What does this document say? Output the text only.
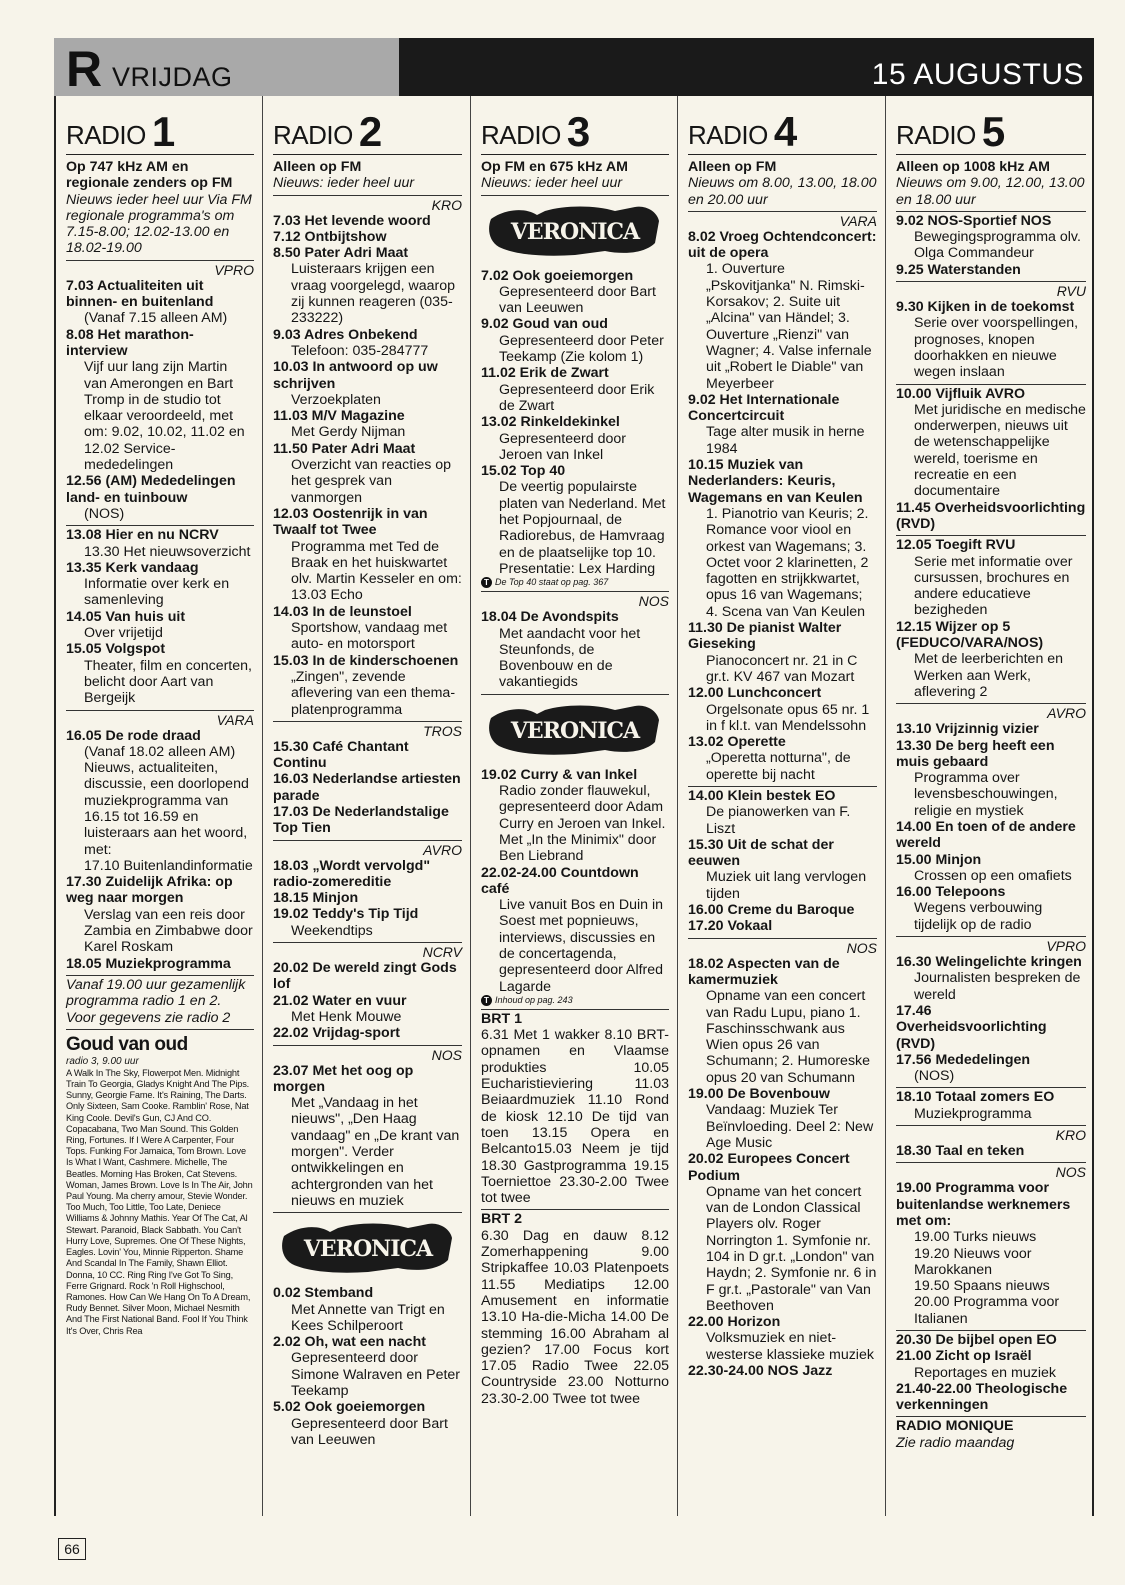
R VRIJDAG	15 AUGUSTUS
RADIO 1
Op 747 kHz AM en regionale zenders op FM
Nieuws ieder heel uur Via FM regionale programma's om 7.15-8.00; 12.02-13.00 en 18.02-19.00
VPRO
7.03 Actualiteiten uit binnen- en buitenland
(Vanaf 7.15 alleen AM)
8.08 Het marathon-interview
Vijf uur lang zijn Martin van Amerongen en Bart Tromp in de studio tot elkaar veroordeeld, met om: 9.02, 10.02, 11.02 en 12.02 Service-mededelingen
12.56 (AM) Mededelingen land- en tuinbouw
(NOS)
13.08 Hier en nu NCRV
13.30 Het nieuwsoverzicht
13.35 Kerk vandaag
Informatie over kerk en samenleving
14.05 Van huis uit
Over vrijetijd
15.05 Volgspot
Theater, film en concerten, belicht door Aart van Bergeijk
VARA
16.05 De rode draad
(Vanaf 18.02 alleen AM) Nieuws, actualiteiten, discussie, een doorlopend muziekprogramma van 16.15 tot 16.59 en luisteraars aan het woord, met:
17.10 Buitenlandinformatie
17.30 Zuidelijk Afrika: op weg naar morgen
Verslag van een reis door Zambia en Zimbabwe door Karel Roskam
18.05 Muziekprogramma
Vanaf 19.00 uur gezamenlijk programma radio 1 en 2. Voor gegevens zie radio 2
Goud van oud
radio 3, 9.00 uur
A Walk In The Sky, Flowerpot Men. Midnight Train To Georgia, Gladys Knight And The Pips. Sunny, Georgie Fame. It's Raining, The Darts. Only Sixteen, Sam Cooke. Ramblin' Rose, Nat King Coole. Devil's Gun, CJ And CO. Copacabana, Two Man Sound. This Golden Ring, Fortunes. If I Were A Carpenter, Four Tops. Funking For Jamaica, Tom Brown. Love Is What I Want, Cashmere. Michelle, The Beatles. Morning Has Broken, Cat Stevens. Woman, James Brown. Love Is In The Air, John Paul Young. Ma cherry amour, Stevie Wonder. Too Much, Too Little, Too Late, Deniece Williams & Johnny Mathis. Year Of The Cat, Al Stewart. Paranoid, Black Sabbath. You Can't Hurry Love, Supremes. One Of These Nights, Eagles. Lovin' You, Minnie Ripperton. Shame And Scandal In The Family, Shawn Elliot. Donna, 10 CC. Ring Ring I've Got To Sing, Ferre Grignard. Rock 'n Roll Highschool, Ramones. How Can We Hang On To A Dream, Rudy Bennet. Silver Moon, Michael Nesmith And The First National Band. Fool If You Think It's Over, Chris Rea
RADIO 2
Alleen op FM
Nieuws: ieder heel uur
KRO
7.03 Het levende woord
7.12 Ontbijtshow
8.50 Pater Adri Maat
Luisteraars krijgen een vraag voorgelegd, waarop zij kunnen reageren (035-233222)
9.03 Adres Onbekend
Telefoon: 035-284777
10.03 In antwoord op uw schrijven
Verzoekplaten
11.03 M/V Magazine
Met Gerdy Nijman
11.50 Pater Adri Maat
Overzicht van reacties op het gesprek van vanmorgen
12.03 Oostenrijk in van Twaalf tot Twee
Programma met Ted de Braak en het huiskwartet olv. Martin Kesseler en om:
13.03 Echo
14.03 In de leunstoel
Sportshow, vandaag met auto- en motorsport
15.03 In de kinderschoenen
„Zingen", zevende aflevering van een thema-platenprogramma
TROS
15.30 Café Chantant Continu
16.03 Nederlandse artiesten parade
17.03 De Nederlandstalige Top Tien
AVRO
18.03 „Wordt vervolgd" radio-zomereditie
18.15 Minjon
19.02 Teddy's Tip Tijd
Weekendtips
NCRV
20.02 De wereld zingt Gods lof
21.02 Water en vuur
Met Henk Mouwe
22.02 Vrijdag-sport
NOS
23.07 Met het oog op morgen
Met „Vandaag in het nieuws", „Den Haag vandaag" en „De krant van morgen". Verder ontwikkelingen en achtergronden van het nieuws en muziek
VERONICA
0.02 Stemband
Met Annette van Trigt en Kees Schilperoort
2.02 Oh, wat een nacht
Gepresenteerd door Simone Walraven en Peter Teekamp
5.02 Ook goeiemorgen
Gepresenteerd door Bart van Leeuwen
RADIO 3
Op FM en 675 kHz AM
Nieuws: ieder heel uur
VERONICA
7.02 Ook goeiemorgen
Gepresenteerd door Bart van Leeuwen
9.02 Goud van oud
Gepresenteerd door Peter Teekamp (Zie kolom 1)
11.02 Erik de Zwart
Gepresenteerd door Erik de Zwart
13.02 Rinkeldekinkel
Gepresenteerd door Jeroen van Inkel
15.02 Top 40
De veertig populairste platen van Nederland. Met het Popjournaal, de Radiorebus, de Hamvraag en de plaatselijke top 10. Presentatie: Lex Harding
T De Top 40 staat op pag. 367
NOS
18.04 De Avondspits
Met aandacht voor het Steunfonds, de Bovenbouw en de vakantiegids
VERONICA
19.02 Curry & van Inkel
Radio zonder flauwekul, gepresenteerd door Adam Curry en Jeroen van Inkel. Met „In the Minimix" door Ben Liebrand
22.02-24.00 Countdown café
Live vanuit Bos en Duin in Soest met popnieuws, interviews, discussies en de concertagenda, gepresenteerd door Alfred Lagarde
T Inhoud op pag. 243
BRT 1
6.31 Met 1 wakker 8.10 BRT-opnamen en Vlaamse produkties 10.05 Eucharistieviering 11.03 Beiaardmuziek 11.10 Rond de kiosk 12.10 De tijd van toen 13.15 Opera en Belcanto15.03 Neem je tijd 18.30 Gastprogramma 19.15 Toerniettoe 23.30-2.00 Twee tot twee
BRT 2
6.30 Dag en dauw 8.12 Zomerhappening 9.00 Stripkaffee 10.03 Platenpoets 11.55 Mediatips 12.00 Amusement en informatie 13.10 Ha-die-Micha 14.00 De stemming 16.00 Abraham al gezien? 17.00 Focus kort 17.05 Radio Twee 22.05 Countryside 23.00 Notturno 23.30-2.00 Twee tot twee
RADIO 4
Alleen op FM
Nieuws om 8.00, 13.00, 18.00 en 20.00 uur
VARA
8.02 Vroeg Ochtendconcert: uit de opera
1. Ouverture „Pskovitjanka" N. Rimski-Korsakov; 2. Suite uit „Alcina" van Händel; 3. Ouverture „Rienzi" van Wagner; 4. Valse infernale uit „Robert le Diable" van Meyerbeer
9.02 Het Internationale Concertcircuit
Tage alter musik in herne 1984
10.15 Muziek van Nederlanders: Keuris, Wagemans en van Keulen
1. Pianotrio van Keuris; 2. Romance voor viool en orkest van Wagemans; 3. Octet voor 2 klarinetten, 2 fagotten en strijkkwartet, opus 16 van Wagemans; 4. Scena van Van Keulen
11.30 De pianist Walter Gieseking
Pianoconcert nr. 21 in C gr.t. KV 467 van Mozart
12.00 Lunchconcert
Orgelsonate opus 65 nr. 1 in f kl.t. van Mendelssohn
13.02 Operette
„Operetta notturna", de operette bij nacht
14.00 Klein bestek EO
De pianowerken van F. Liszt
15.30 Uit de schat der eeuwen
Muziek uit lang vervlogen tijden
16.00 Creme du Baroque
17.20 Vokaal
NOS
18.02 Aspecten van de kamermuziek
Opname van een concert van Radu Lupu, piano 1. Faschinsschwank aus Wien opus 26 van Schumann; 2. Humoreske opus 20 van Schumann
19.00 De Bovenbouw
Vandaag: Muziek Ter Beïnvloeding. Deel 2: New Age Music
20.02 Europees Concert Podium
Opname van het concert van de London Classical Players olv. Roger Norrington 1. Symfonie nr. 104 in D gr.t. „London" van Haydn; 2. Symfonie nr. 6 in F gr.t. „Pastorale" van Van Beethoven
22.00 Horizon
Volksmuziek en niet-westerse klassieke muziek
22.30-24.00 NOS Jazz
RADIO 5
Alleen op 1008 kHz AM
Nieuws om 9.00, 12.00, 13.00 en 18.00 uur
9.02 NOS-Sportief NOS
Bewegingsprogramma olv. Olga Commandeur
9.25 Waterstanden
RVU
9.30 Kijken in de toekomst
Serie over voorspellingen, prognoses, knopen doorhakken en nieuwe wegen inslaan
10.00 Vijfluik AVRO
Met juridische en medische onderwerpen, nieuws uit de wetenschappelijke wereld, toerisme en recreatie en een documentaire
11.45 Overheidsvoorlichting (RVD)
12.05 Toegift RVU
Serie met informatie over cursussen, brochures en andere educatieve bezigheden
12.15 Wijzer op 5 (FEDUCO/VARA/NOS)
Met de leerberichten en Werken aan Werk, aflevering 2
AVRO
13.10 Vrijzinnig vizier
13.30 De berg heeft een muis gebaard
Programma over levensbeschouwingen, religie en mystiek
14.00 En toen of de andere wereld
15.00 Minjon
Crossen op een omafiets
16.00 Telepoons
Wegens verbouwing tijdelijk op de radio
VPRO
16.30 Welingelichte kringen
Journalisten bespreken de wereld
17.46 Overheidsvoorlichting (RVD)
17.56 Mededelingen
(NOS)
18.10 Totaal zomers EO
Muziekprogramma
KRO
18.30 Taal en teken
NOS
19.00 Programma voor buitenlandse werknemers met om:
19.00 Turks nieuws
19.20 Nieuws voor Marokkanen
19.50 Spaans nieuws
20.00 Programma voor Italianen
20.30 De bijbel open EO
21.00 Zicht op Israël
Reportages en muziek
21.40-22.00 Theologische verkenningen
RADIO MONIQUE
Zie radio maandag
66
